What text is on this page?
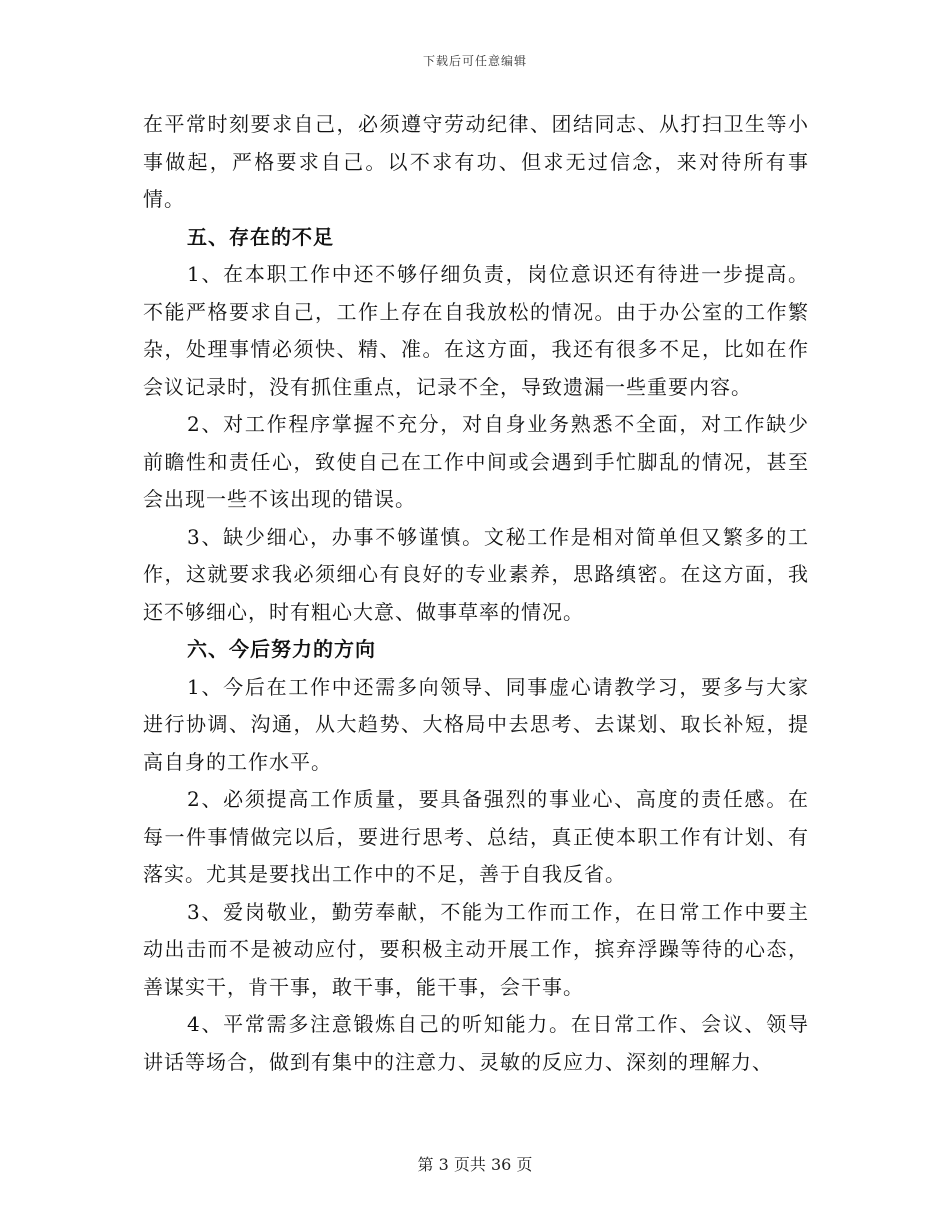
下载后可任意编辑

在平常时刻要求自己，必须遵守劳动纪律、团结同志、从打扫卫生等小事做起，严格要求自己。以不求有功、但求无过信念，来对待所有事情。

五、存在的不足

1、在本职工作中还不够仔细负责，岗位意识还有待进一步提高。不能严格要求自己，工作上存在自我放松的情况。由于办公室的工作繁杂，处理事情必须快、精、准。在这方面，我还有很多不足，比如在作会议记录时，没有抓住重点，记录不全，导致遗漏一些重要内容。

2、对工作程序掌握不充分，对自身业务熟悉不全面，对工作缺少前瞻性和责任心，致使自己在工作中间或会遇到手忙脚乱的情况，甚至会出现一些不该出现的错误。

3、缺少细心，办事不够谨慎。文秘工作是相对简单但又繁多的工作，这就要求我必须细心有良好的专业素养，思路缜密。在这方面，我还不够细心，时有粗心大意、做事草率的情况。

六、今后努力的方向

1、今后在工作中还需多向领导、同事虚心请教学习，要多与大家进行协调、沟通，从大趋势、大格局中去思考、去谋划、取长补短，提高自身的工作水平。

2、必须提高工作质量，要具备强烈的事业心、高度的责任感。在每一件事情做完以后，要进行思考、总结，真正使本职工作有计划、有落实。尤其是要找出工作中的不足，善于自我反省。

3、爱岗敬业，勤劳奉献，不能为工作而工作，在日常工作中要主动出击而不是被动应付，要积极主动开展工作，摈弃浮躁等待的心态，善谋实干，肯干事，敢干事，能干事，会干事。

4、平常需多注意锻炼自己的听知能力。在日常工作、会议、领导讲话等场合，做到有集中的注意力、灵敏的反应力、深刻的理解力、

第 3 页共 36 页
